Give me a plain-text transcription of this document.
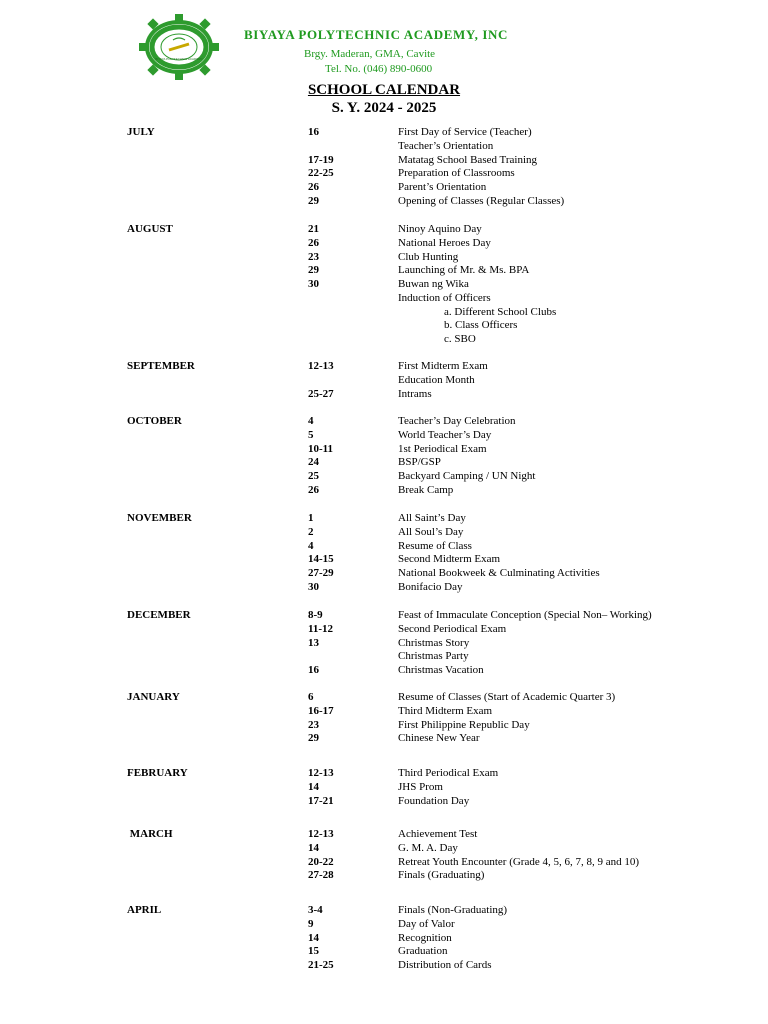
BIYAYA POLYTECHNIC ACADEMY
BIYAYA POLYTECHNIC ACADEMY, INC
Brgy. Maderan, GMA, Cavite
Tel. No. (046) 890-0600
SCHOOL CALENDAR
S. Y. 2024 - 2025
JULY	16	First Day of Service (Teacher)
Teacher’s Orientation
17-19	Matatag School Based Training
22-25	Preparation of Classrooms
26	Parent’s Orientation
29	Opening of Classes (Regular Classes)
AUGUST	21	Ninoy Aquino Day
26	National Heroes Day
23	Club Hunting
29	Launching of Mr. & Ms. BPA
30	Buwan ng Wika
Induction of Officers
a. Different School Clubs
b. Class Officers
c. SBO
SEPTEMBER	12-13	First Midterm Exam
Education Month
25-27	Intrams
OCTOBER	4	Teacher’s Day Celebration
5	World Teacher’s Day
10-11	1st Periodical Exam
24	BSP/GSP
25	Backyard Camping / UN Night
26	Break Camp
NOVEMBER	1	All Saint’s Day
2	All Soul’s Day
4	Resume of Class
14-15	Second Midterm Exam
27-29	National Bookweek & Culminating Activities
30	Bonifacio Day
DECEMBER	8-9	Feast of Immaculate Conception (Special Non– Working)
11-12	Second Periodical Exam
13	Christmas Story
Christmas Party
16	Christmas Vacation
JANUARY	6	Resume of Classes (Start of Academic Quarter 3)
16-17	Third Midterm Exam
23	First Philippine Republic Day
29	Chinese New Year
FEBRUARY	12-13	Third Periodical Exam
14	JHS Prom
17-21	Foundation Day
MARCH	12-13	Achievement Test
14	G. M. A. Day
20-22	Retreat Youth Encounter (Grade 4, 5, 6, 7, 8, 9 and 10)
27-28	Finals (Graduating)
APRIL	3-4	Finals (Non-Graduating)
9	Day of Valor
14	Recognition
15	Graduation
21-25	Distribution of Cards
